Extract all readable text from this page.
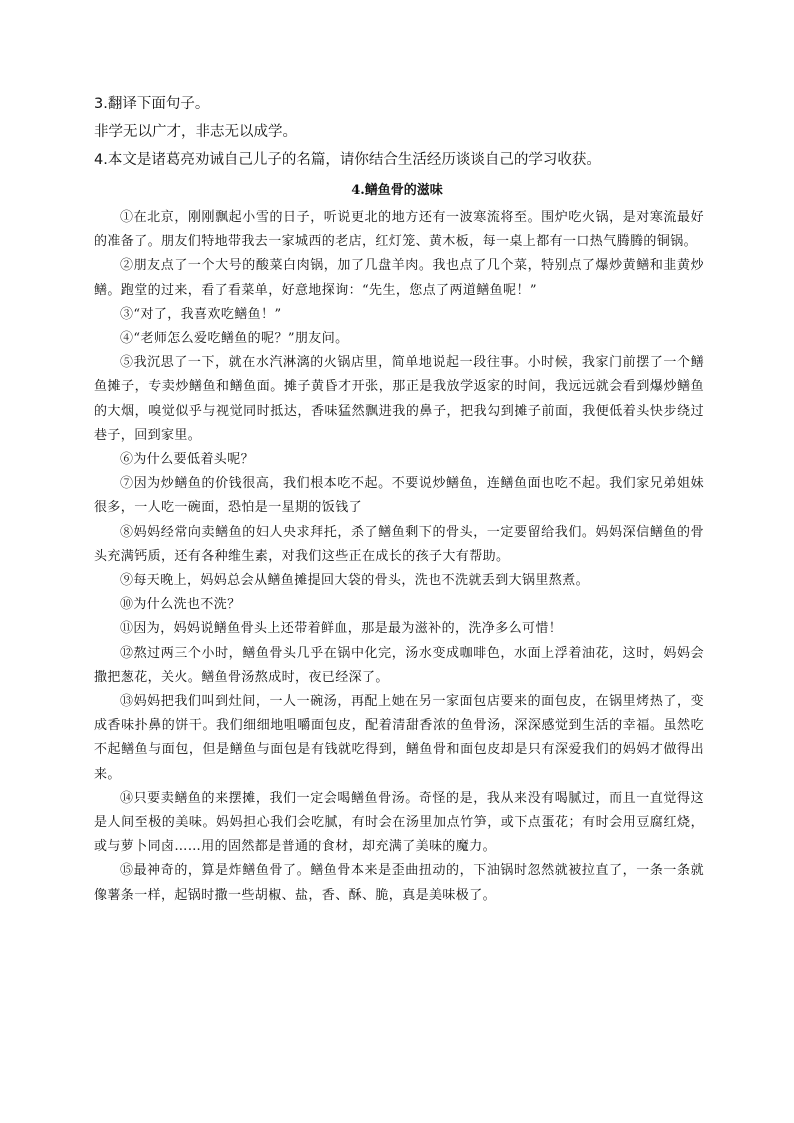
3.翻译下面句子。
非学无以广才，非志无以成学。
4.本文是诸葛亮劝诫自己儿子的名篇，请你结合生活经历谈谈自己的学习收获。
4.鳝鱼骨的滋味

①在北京，刚刚飘起小雪的日子，听说更北的地方还有一波寒流将至。围炉吃火锅，是对寒流最好的准备了。朋友们特地带我去一家城西的老店，红灯笼、黄木板，每一桌上都有一口热气腾腾的铜锅。

②朋友点了一个大号的酸菜白肉锅，加了几盘羊肉。我也点了几个菜，特别点了爆炒黄鳝和韭黄炒鳝。跑堂的过来，看了看菜单，好意地探询：“先生，您点了两道鳝鱼呢！”

③“对了，我喜欢吃鳝鱼！”

④“老师怎么爱吃鳝鱼的呢？”朋友问。

⑤我沉思了一下，就在水汽淋漓的火锅店里，简单地说起一段往事。小时候，我家门前摆了一个鳝鱼摊子，专卖炒鳝鱼和鳝鱼面。摊子黄昏才开张，那正是我放学返家的时间，我远远就会看到爆炒鳝鱼的大烟，嗅觉似乎与视觉同时抵达，香味猛然飘进我的鼻子，把我勾到摊子前面，我便低着头快步绕过巷子，回到家里。

⑥为什么要低着头呢？

⑦因为炒鳝鱼的价钱很高，我们根本吃不起。不要说炒鳝鱼，连鳝鱼面也吃不起。我们家兄弟姐妹很多，一人吃一碗面，恐怕是一星期的饭钱了

⑧妈妈经常向卖鳝鱼的妇人央求拜托，杀了鳝鱼剩下的骨头，一定要留给我们。妈妈深信鳝鱼的骨头充满钙质，还有各种维生素，对我们这些正在成长的孩子大有帮助。

⑨每天晚上，妈妈总会从鳝鱼摊提回大袋的骨头，洗也不洗就丢到大锅里熬煮。

⑩为什么洗也不洗？

⑪因为，妈妈说鳝鱼骨头上还带着鲜血，那是最为滋补的，洗净多么可惜！

⑫熬过两三个小时，鳝鱼骨头几乎在锅中化完，汤水变成咖啡色，水面上浮着油花，这时，妈妈会撒把葱花，关火。鳝鱼骨汤熬成时，夜已经深了。

⑬妈妈把我们叫到灶间，一人一碗汤，再配上她在另一家面包店要来的面包皮，在锅里烤热了，变成香味扑鼻的饼干。我们细细地咀嚼面包皮，配着清甜香浓的鱼骨汤，深深感觉到生活的幸福。虽然吃不起鳝鱼与面包，但是鳝鱼与面包是有钱就吃得到，鳝鱼骨和面包皮却是只有深爱我们的妈妈才做得出来。

⑭只要卖鳝鱼的来摆摊，我们一定会喝鳝鱼骨汤。奇怪的是，我从来没有喝腻过，而且一直觉得这是人间至极的美味。妈妈担心我们会吃腻，有时会在汤里加点竹笋，或下点蛋花；有时会用豆腐红烧，或与萝卜同卤……用的固然都是普通的食材，却充满了美味的魔力。

⑮最神奇的，算是炸鳝鱼骨了。鳝鱼骨本来是歪曲扭动的，下油锅时忽然就被拉直了，一条一条就像薯条一样，起锅时撒一些胡椒、盐，香、酥、脆，真是美味极了。
